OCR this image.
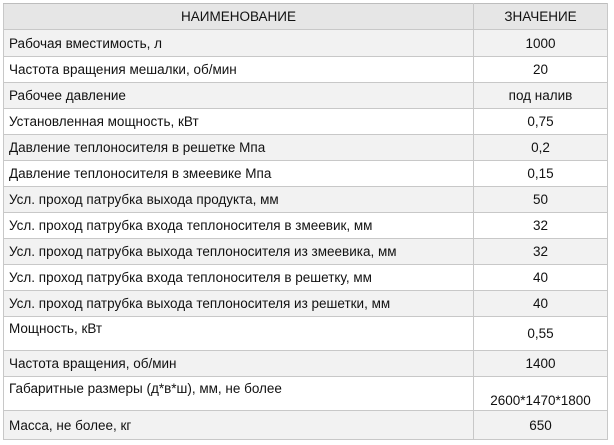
НАИМЕНОВАНИЕ	ЗНАЧЕНИЕ
Рабочая вместимость, л	1000
Частота вращения мешалки, об/мин	20
Рабочее давление	под налив
Установленная мощность, кВт	0,75
Давление теплоносителя в решетке Мпа	0,2
Давление теплоносителя в змеевике Мпа	0,15
Усл. проход патрубка выхода продукта, мм	50
Усл. проход патрубка входа теплоносителя в змеевик, мм	32
Усл. проход патрубка выхода теплоносителя из змеевика, мм	32
Усл. проход патрубка входа теплоносителя в решетку, мм	40
Усл. проход патрубка выхода теплоносителя из решетки, мм	40
Мощность, кВт	0,55
Частота вращения, об/мин	1400
Габаритные размеры (д*в*ш), мм, не более	2600*1470*1800
Масса, не более, кг	650
